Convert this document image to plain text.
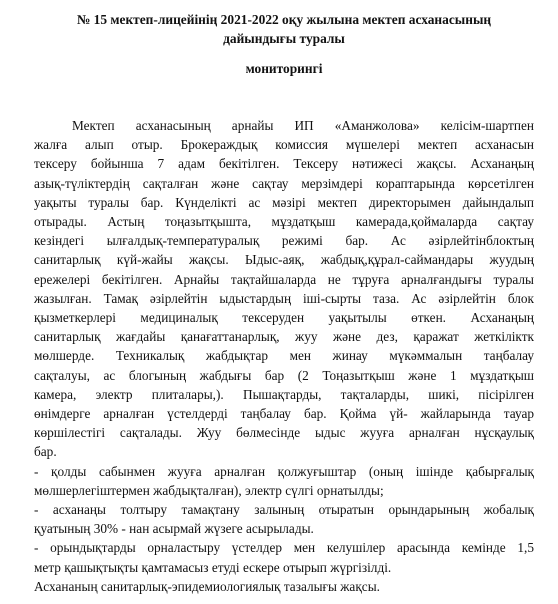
№ 15 мектеп-лицейінің 2021-2022 оқу жылына мектеп асханасының
дайындығы туралы
мониторингі
Мектеп асханасының арнайы ИП «Аманжолова» келісім-шартпен
жалға алып отыр. Брокераждық комиссия мүшелері мектеп асханасын
тексеру бойынша 7 адам бекітілген. Тексеру нәтижесі жақсы. Асханаңың
азық-түліктердің сақталған және сақтау мерзімдері кораптарында көрсетілген
уақыты туралы бар. Күнделікті ас мәзірі мектеп директорымен дайындалып
отырады. Астың тоңазытқышта, мұздатқыш камерада,қоймаларда сақтау
кезіндегі ылғалдық-температуралық режимі бар. Ас әзірлейтінблоктың
санитарлық күй-жайы жақсы. Ыдыс-аяқ, жабдық,құрал-саймандары жуудың
ережелері бекітілген. Арнайы тақтайшаларда не тұруға арналғандығы туралы
жазылған. Тамақ әзірлейтін ыдыстардың іші-сырты таза. Ас әзірлейтін блок
қызметкерлері медициналық тексеруден уақытылы өткен. Асханаңың
санитарлық жағдайы қанағаттанарлық, жуу және дез, қаражат жеткіліктк
мөлшерде. Техникалық жабдықтар мен жинау мүкәммалын таңбалау
сақталуы, ас блогының жабдығы бар (2 Тоңазытқыш және 1 мұздатқыш
камера, электр плиталары,). Пышақтарды, тақталарды, шикі, пісірілген
өнімдерге арналған үстелдерді таңбалау бар. Қойма үй- жайларында тауар
көршілестігі сақталады. Жуу бөлмесінде ыдыс жууға арналған нұсқаулық
бар.
- қолды сабынмен жууға арналған қолжуғыштар (оның ішінде қабырғалық
мөлшерлегіштермен жабдықталған), электр сүлгі орнатылды;
- асханаңы толтыру тамақтану залының отыратын орындарының жобалық
қуатының 30% - нан асырмай жүзеге асырылады.
- орындықтарды орналастыру үстелдер мен келушілер арасында кемінде 1,5
метр қашықтықты қамтамасыз етуді ескере отырып жүргізілді.
Асхананың санитарлық-эпидемиологиялық тазалығы жақсы.
